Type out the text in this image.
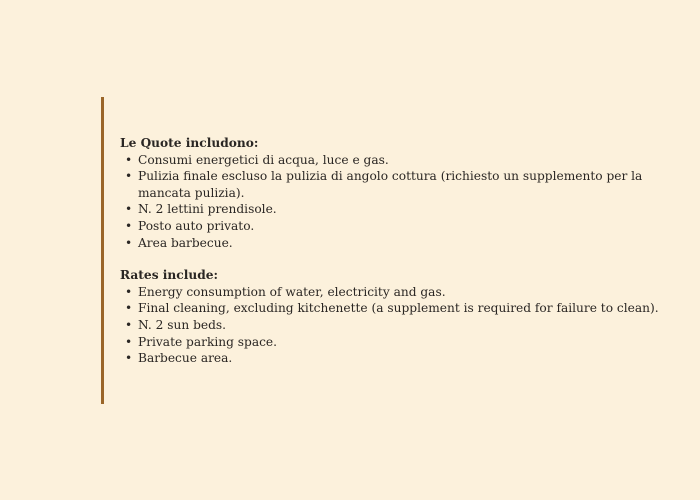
Le Quote includono:

• Consumi energetici di acqua, luce e gas.
• Pulizia finale escluso la pulizia di angolo cottura (richiesto un supplemento per la mancata pulizia).
• N. 2 lettini prendisole.
• Posto auto privato.
• Area barbecue.

Rates include:

• Energy consumption of water, electricity and gas.
• Final cleaning, excluding kitchenette (a supplement is required for failure to clean).
• N. 2 sun beds.
• Private parking space.
• Barbecue area.
